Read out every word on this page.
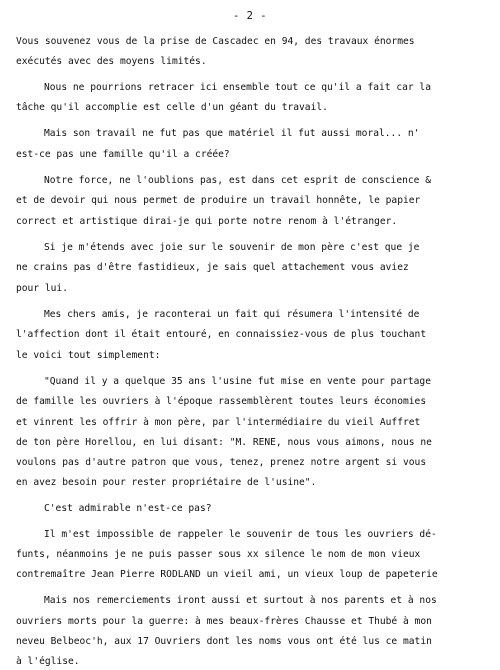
- 2 -
Vous souvenez vous de la prise de Cascadec en 94, des travaux énormes
exécutés avec des moyens limités.
Nous ne pourrions retracer ici ensemble tout ce qu'il a fait car la
tâche qu'il accomplie est celle d'un géant du travail.
Mais son travail ne fut pas que matériel il fut aussi moral... n'
est-ce pas une famille qu'il a créée?
Notre force, ne l'oublions pas, est dans cet esprit de conscience &
et de devoir qui nous permet de produire un travail honnête, le papier
correct et artistique dirai-je qui porte notre renom à l'étranger.
Si je m'étends avec joie sur le souvenir de mon père c'est que je
ne crains pas d'être fastidieux, je sais quel attachement vous aviez
pour lui.
Mes chers amis, je raconterai un fait qui résumera l'intensité de
l'affection dont il était entouré, en connaissiez-vous de plus touchant
le voici tout simplement:
"Quand il y a quelque 35 ans l'usine fut mise en vente pour partage
de famille les ouvriers à l'époque rassemblèrent toutes leurs économies
et vinrent les offrir à mon père, par l'intermédiaire du vieil Auffret
de ton père Horellou, en lui disant: "M. RENE, nous vous aimons, nous ne
voulons pas d'autre patron que vous, tenez, prenez notre argent si vous
en avez besoin pour rester propriétaire de l'usine".
C'est admirable n'est-ce pas?
Il m'est impossible de rappeler le souvenir de tous les ouvriers dé-
funts, néanmoins je ne puis passer sous xx silence le nom de mon vieux
contremaître Jean Pierre RODLAND un vieil ami, un vieux loup de papeterie
Mais nos remerciements iront aussi et surtout à nos parents et à nos
ouvriers morts pour la guerre: à mes beaux-frères Chausse et Thubé à mon
neveu Belbeoc'h, aux 17 Ouvriers dont les noms vous ont été lus ce matin
à l'église.
